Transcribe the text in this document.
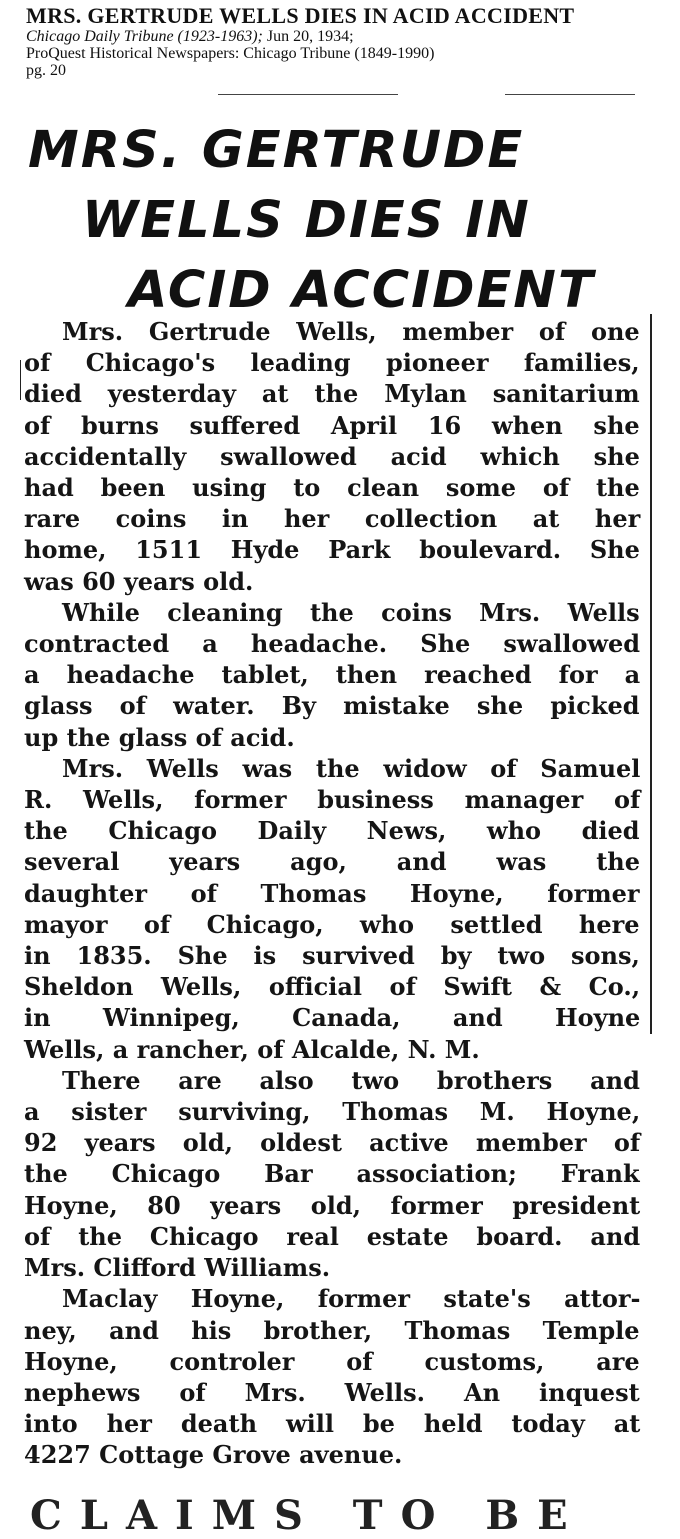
MRS. GERTRUDE WELLS DIES IN ACID ACCIDENT
Chicago Daily Tribune (1923-1963); Jun 20, 1934;
ProQuest Historical Newspapers: Chicago Tribune (1849-1990)
pg. 20
MRS. GERTRUDE
WELLS DIES IN
ACID ACCIDENT

Mrs. Gertrude Wells, member of one
of Chicago's leading pioneer families,
died yesterday at the Mylan sanitarium
of burns suffered April 16 when she
accidentally swallowed acid which she
had been using to clean some of the
rare coins in her collection at her
home, 1511 Hyde Park boulevard. She
was 60 years old.

While cleaning the coins Mrs. Wells
contracted a headache. She swallowed
a headache tablet, then reached for a
glass of water. By mistake she picked
up the glass of acid.

Mrs. Wells was the widow of Samuel
R. Wells, former business manager of
the Chicago Daily News, who died
several years ago, and was the
daughter of Thomas Hoyne, former
mayor of Chicago, who settled here
in 1835. She is survived by two sons,
Sheldon Wells, official of Swift & Co.,
in Winnipeg, Canada, and Hoyne
Wells, a rancher, of Alcalde, N. M.

There are also two brothers and
a sister surviving, Thomas M. Hoyne,
92 years old, oldest active member of
the Chicago Bar association; Frank
Hoyne, 80 years old, former president
of the Chicago real estate board. and
Mrs. Clifford Williams.

Maclay Hoyne, former state's attor-
ney, and his brother, Thomas Temple
Hoyne, controler of customs, are
nephews of Mrs. Wells. An inquest
into her death will be held today at
4227 Cottage Grove avenue.

CLAIMS TO BE
